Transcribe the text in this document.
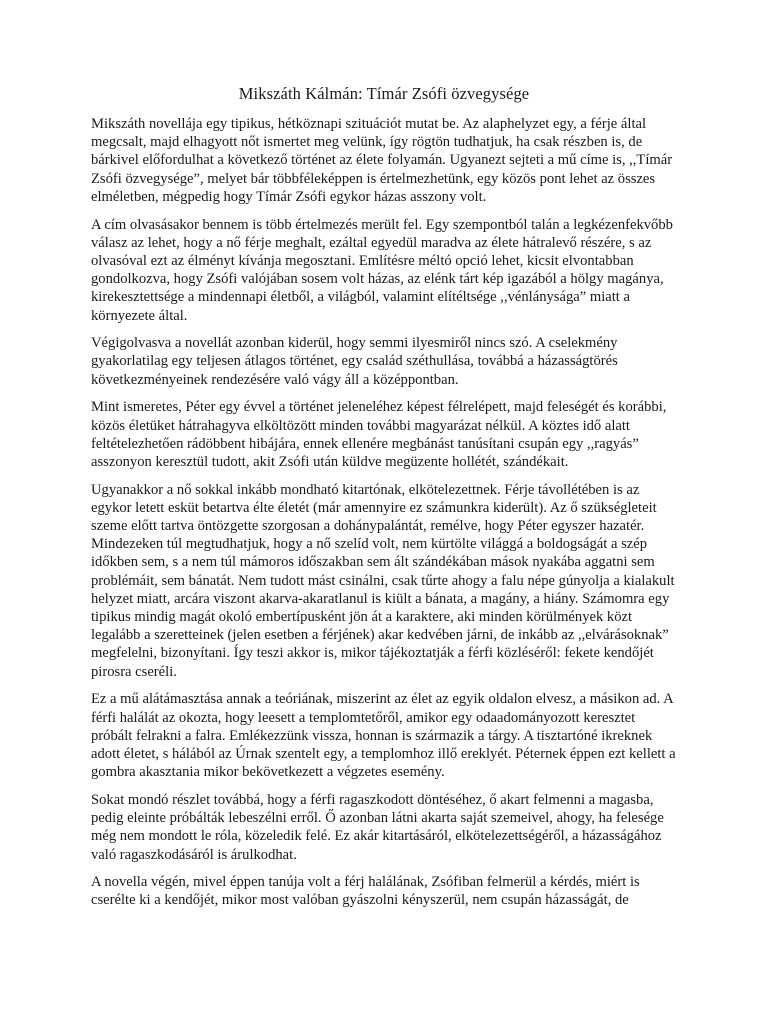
Mikszáth Kálmán: Tímár Zsófi özvegysége

Mikszáth novellája egy tipikus, hétköznapi szituációt mutat be. Az alaphelyzet egy, a férje által megcsalt, majd elhagyott nőt ismertet meg velünk, így rögtön tudhatjuk, ha csak részben is, de bárkivel előfordulhat a következő történet az élete folyamán. Ugyanezt sejteti a mű címe is, ,,Tímár Zsófi özvegysége”, melyet bár többféleképpen is értelmezhetünk, egy közös pont lehet az összes elméletben, mégpedig hogy Tímár Zsófi egykor házas asszony volt.

A cím olvasásakor bennem is több értelmezés merült fel. Egy szempontból talán a legkézenfekvőbb válasz az lehet, hogy a nő férje meghalt, ezáltal egyedül maradva az élete hátralevő részére, s az olvasóval ezt az élményt kívánja megosztani. Említésre méltó opció lehet, kicsit elvontabban gondolkozva, hogy Zsófi valójában sosem volt házas, az elénk tárt kép igazából a hölgy magánya, kirekesztettsége a mindennapi életből, a világból, valamint elítéltsége ,,vénlánysága” miatt a környezete által.

Végigolvasva a novellát azonban kiderül, hogy semmi ilyesmiről nincs szó. A cselekmény gyakorlatilag egy teljesen átlagos történet, egy család széthullása, továbbá a házasságtörés következményeinek rendezésére való vágy áll a középpontban.

Mint ismeretes, Péter egy évvel a történet jeleneléhez képest félrelépett, majd feleségét és korábbi, közös életüket hátrahagyva elköltözött minden további magyarázat nélkül. A köztes idő alatt feltételezhetően rádöbbent hibájára, ennek ellenére megbánást tanúsítani csupán egy ,,ragyás” asszonyon keresztül tudott, akit Zsófi után küldve megüzente hollétét, szándékait.

Ugyanakkor a nő sokkal inkább mondható kitartónak, elkötelezettnek. Férje távollétében is az egykor letett esküt betartva élte életét (már amennyire ez számunkra kiderült). Az ő szükségleteit szeme előtt tartva öntözgette szorgosan a dohánypalántát, remélve, hogy Péter egyszer hazatér. Mindezeken túl megtudhatjuk, hogy a nő szelíd volt, nem kürtölte világgá a boldogságát a szép időkben sem, s a nem túl mámoros időszakban sem ált szándékában mások nyakába aggatni sem problémáit, sem bánatát. Nem tudott mást csinálni, csak tűrte ahogy a falu népe gúnyolja a kialakult helyzet miatt, arcára viszont akarva-akaratlanul is kiült a bánata, a magány, a hiány. Számomra egy tipikus mindig magát okoló embertípusként jön át a karaktere, aki minden körülmények közt legalább a szeretteinek (jelen esetben a férjének) akar kedvében járni, de inkább az ,,elvárásoknak” megfelelni, bizonyítani. Így teszi akkor is, mikor tájékoztatják a férfi közléséről: fekete kendőjét pirosra cseréli.

Ez a mű alátámasztása annak a teóriának, miszerint az élet az egyik oldalon elvesz, a másikon ad. A férfi halálát az okozta, hogy leesett a templomtetőről, amikor egy odaadományozott keresztet próbált felrakni a falra. Emlékezzünk vissza, honnan is származik a tárgy. A tisztartóné ikreknek adott életet, s hálából az Úrnak szentelt egy, a templomhoz illő ereklyét. Péternek éppen ezt kellett a gombra akasztania mikor bekövetkezett a végzetes esemény.

Sokat mondó részlet továbbá, hogy a férfi ragaszkodott döntéséhez, ő akart felmenni a magasba, pedig eleinte próbálták lebeszélni erről. Ő azonban látni akarta saját szemeivel, ahogy, ha felesége még nem mondott le róla, közeledik felé. Ez akár kitartásáról, elkötelezettségéről, a házasságához való ragaszkodásáról is árulkodhat.

A novella végén, mivel éppen tanúja volt a férj halálának, Zsófiban felmerül a kérdés, miért is cserélte ki a kendőjét, mikor most valóban gyászolni kényszerül, nem csupán házasságát, de
